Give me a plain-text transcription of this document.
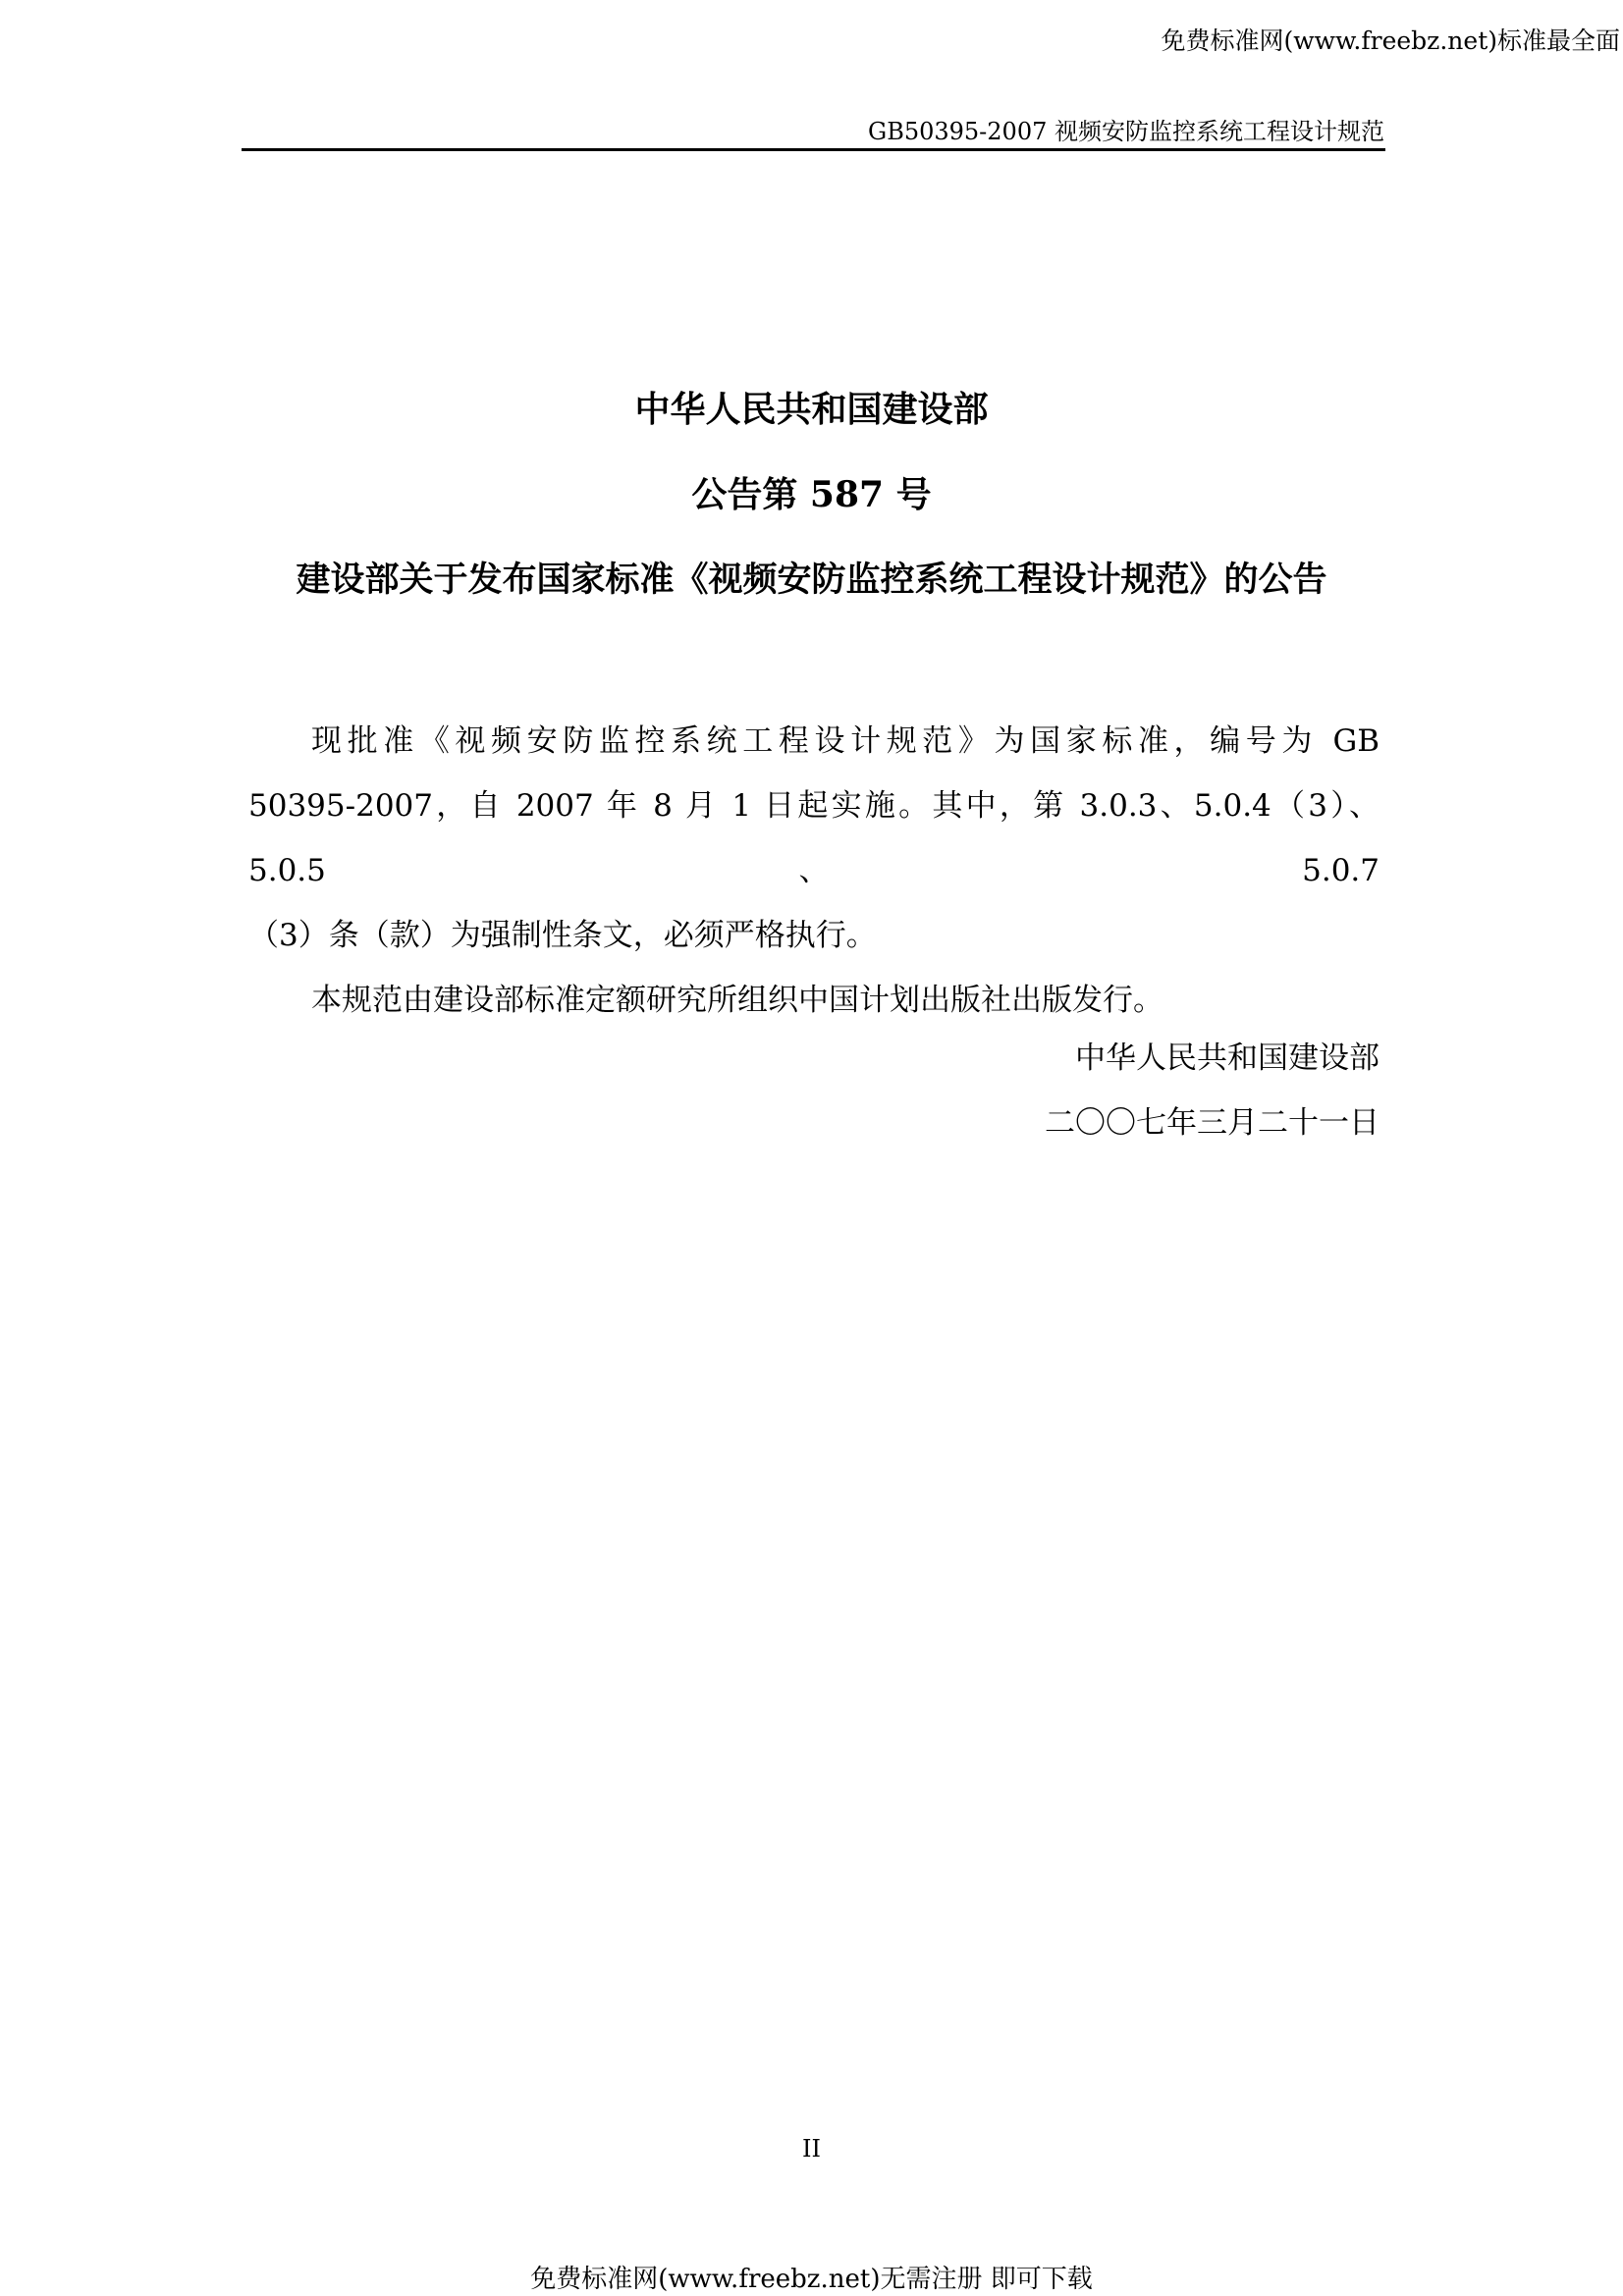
免费标准网(www.freebz.net)标准最全面
GB50395-2007 视频安防监控系统工程设计规范
中华人民共和国建设部
公告第 587 号
建设部关于发布国家标准《视频安防监控系统工程设计规范》的公告

现批准《视频安防监控系统工程设计规范》为国家标准，编号为 GB

50395-2007，自 2007 年 8 月 1 日起实施。其中，第 3.0.3、5.0.4（3）、5.0.5、5.0.7

（3）条（款）为强制性条文，必须严格执行。

本规范由建设部标准定额研究所组织中国计划出版社出版发行。

中华人民共和国建设部
二〇〇七年三月二十一日
II
免费标准网(www.freebz.net)无需注册 即可下载
